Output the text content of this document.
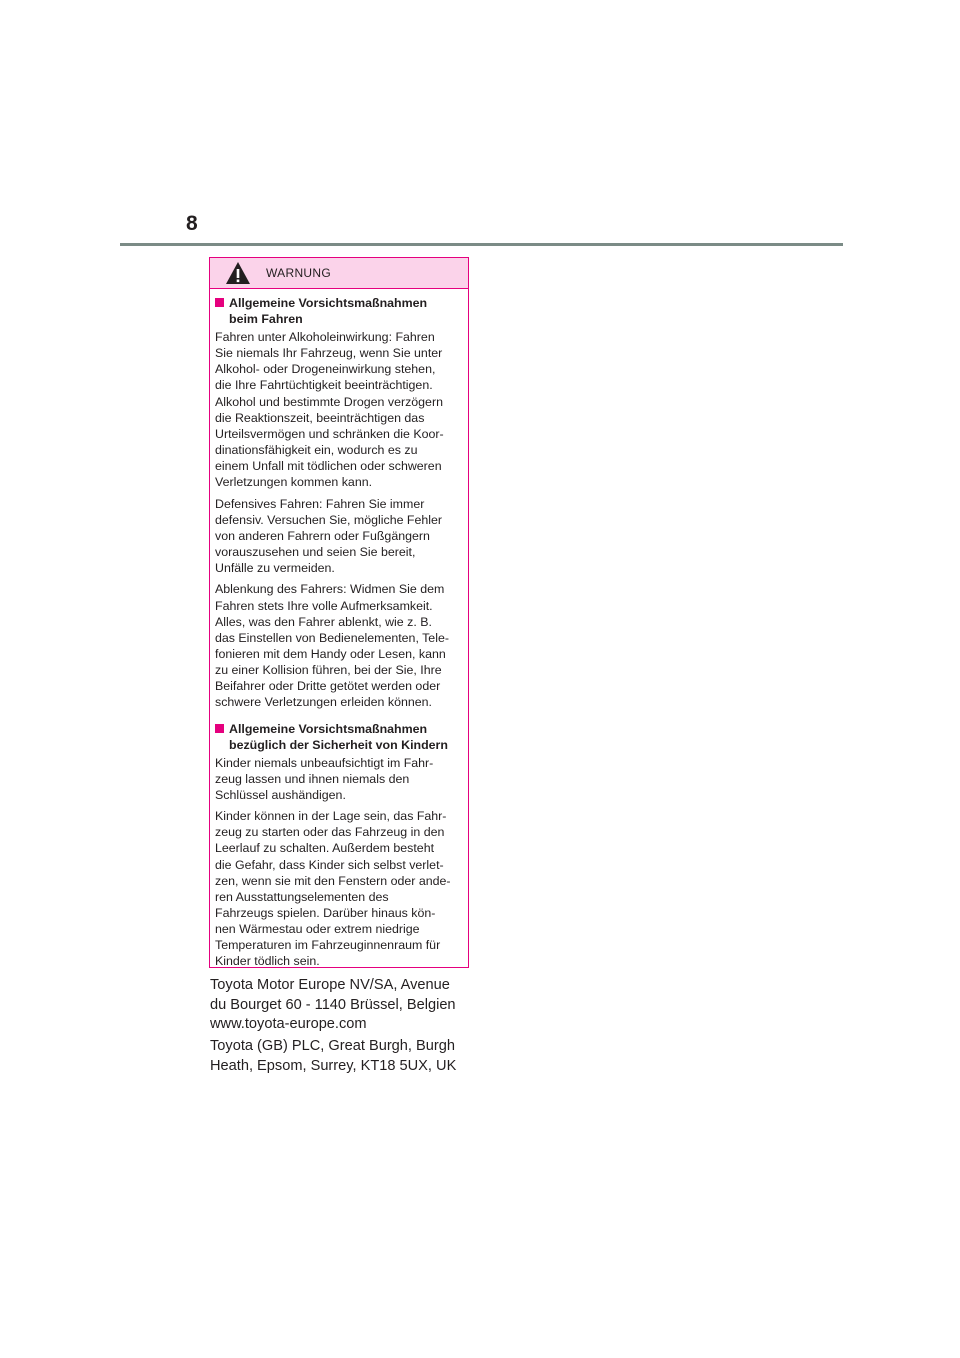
8
WARNUNG
Allgemeine Vorsichtsmaßnahmen
beim Fahren
Fahren unter Alkoholeinwirkung: Fahren
Sie niemals Ihr Fahrzeug, wenn Sie unter
Alkohol- oder Drogeneinwirkung stehen,
die Ihre Fahrtüchtigkeit beeinträchtigen.
Alkohol und bestimmte Drogen verzögern
die Reaktionszeit, beeinträchtigen das
Urteilsvermögen und schränken die Koor-
dinationsfähigkeit ein, wodurch es zu
einem Unfall mit tödlichen oder schweren
Verletzungen kommen kann.
Defensives Fahren: Fahren Sie immer
defensiv. Versuchen Sie, mögliche Fehler
von anderen Fahrern oder Fußgängern
vorauszusehen und seien Sie bereit,
Unfälle zu vermeiden.
Ablenkung des Fahrers: Widmen Sie dem
Fahren stets Ihre volle Aufmerksamkeit.
Alles, was den Fahrer ablenkt, wie z. B.
das Einstellen von Bedienelementen, Tele-
fonieren mit dem Handy oder Lesen, kann
zu einer Kollision führen, bei der Sie, Ihre
Beifahrer oder Dritte getötet werden oder
schwere Verletzungen erleiden können.
Allgemeine Vorsichtsmaßnahmen
bezüglich der Sicherheit von Kindern
Kinder niemals unbeaufsichtigt im Fahr-
zeug lassen und ihnen niemals den
Schlüssel aushändigen.
Kinder können in der Lage sein, das Fahr-
zeug zu starten oder das Fahrzeug in den
Leerlauf zu schalten. Außerdem besteht
die Gefahr, dass Kinder sich selbst verlet-
zen, wenn sie mit den Fenstern oder ande-
ren Ausstattungselementen des
Fahrzeugs spielen. Darüber hinaus kön-
nen Wärmestau oder extrem niedrige
Temperaturen im Fahrzeuginnenraum für
Kinder tödlich sein.
Toyota Motor Europe NV/SA, Avenue
du Bourget 60 - 1140 Brüssel, Belgien
www.toyota-europe.com
Toyota (GB) PLC, Great Burgh, Burgh
Heath, Epsom, Surrey, KT18 5UX, UK
